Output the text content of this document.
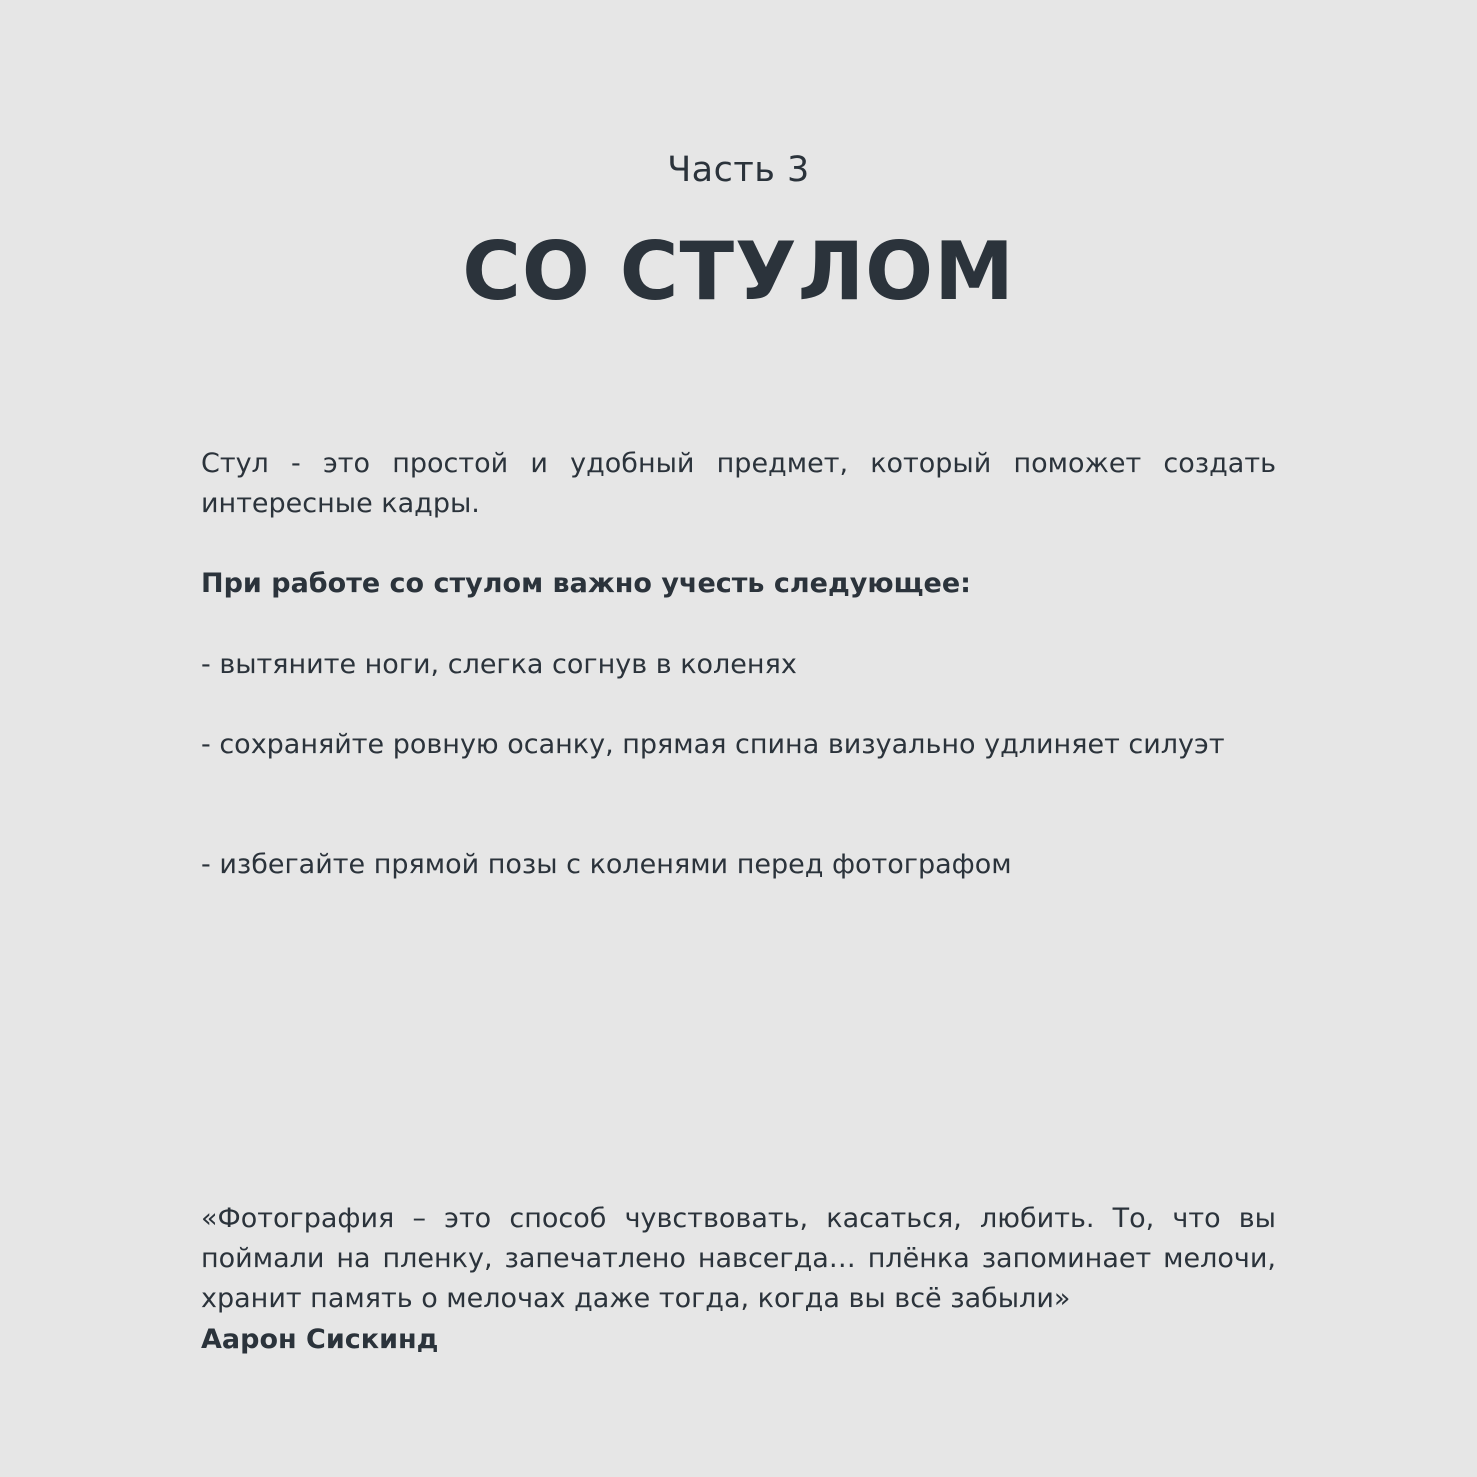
Часть 3
СО СТУЛОМ
Стул - это простой и удобный предмет, который поможет создать интересные кадры.
При работе со стулом важно учесть следующее:
- вытяните ноги, слегка согнув в коленях
- сохраняйте ровную осанку, прямая спина визуально удлиняет силуэт
- избегайте прямой позы с коленями перед фотографом
«Фотография – это способ чувствовать, касаться, любить. То, что вы поймали на пленку, запечатлено навсегда… плёнка запоминает мелочи, хранит память о мелочах даже тогда, когда вы всё забыли»
Аарон Сискинд
